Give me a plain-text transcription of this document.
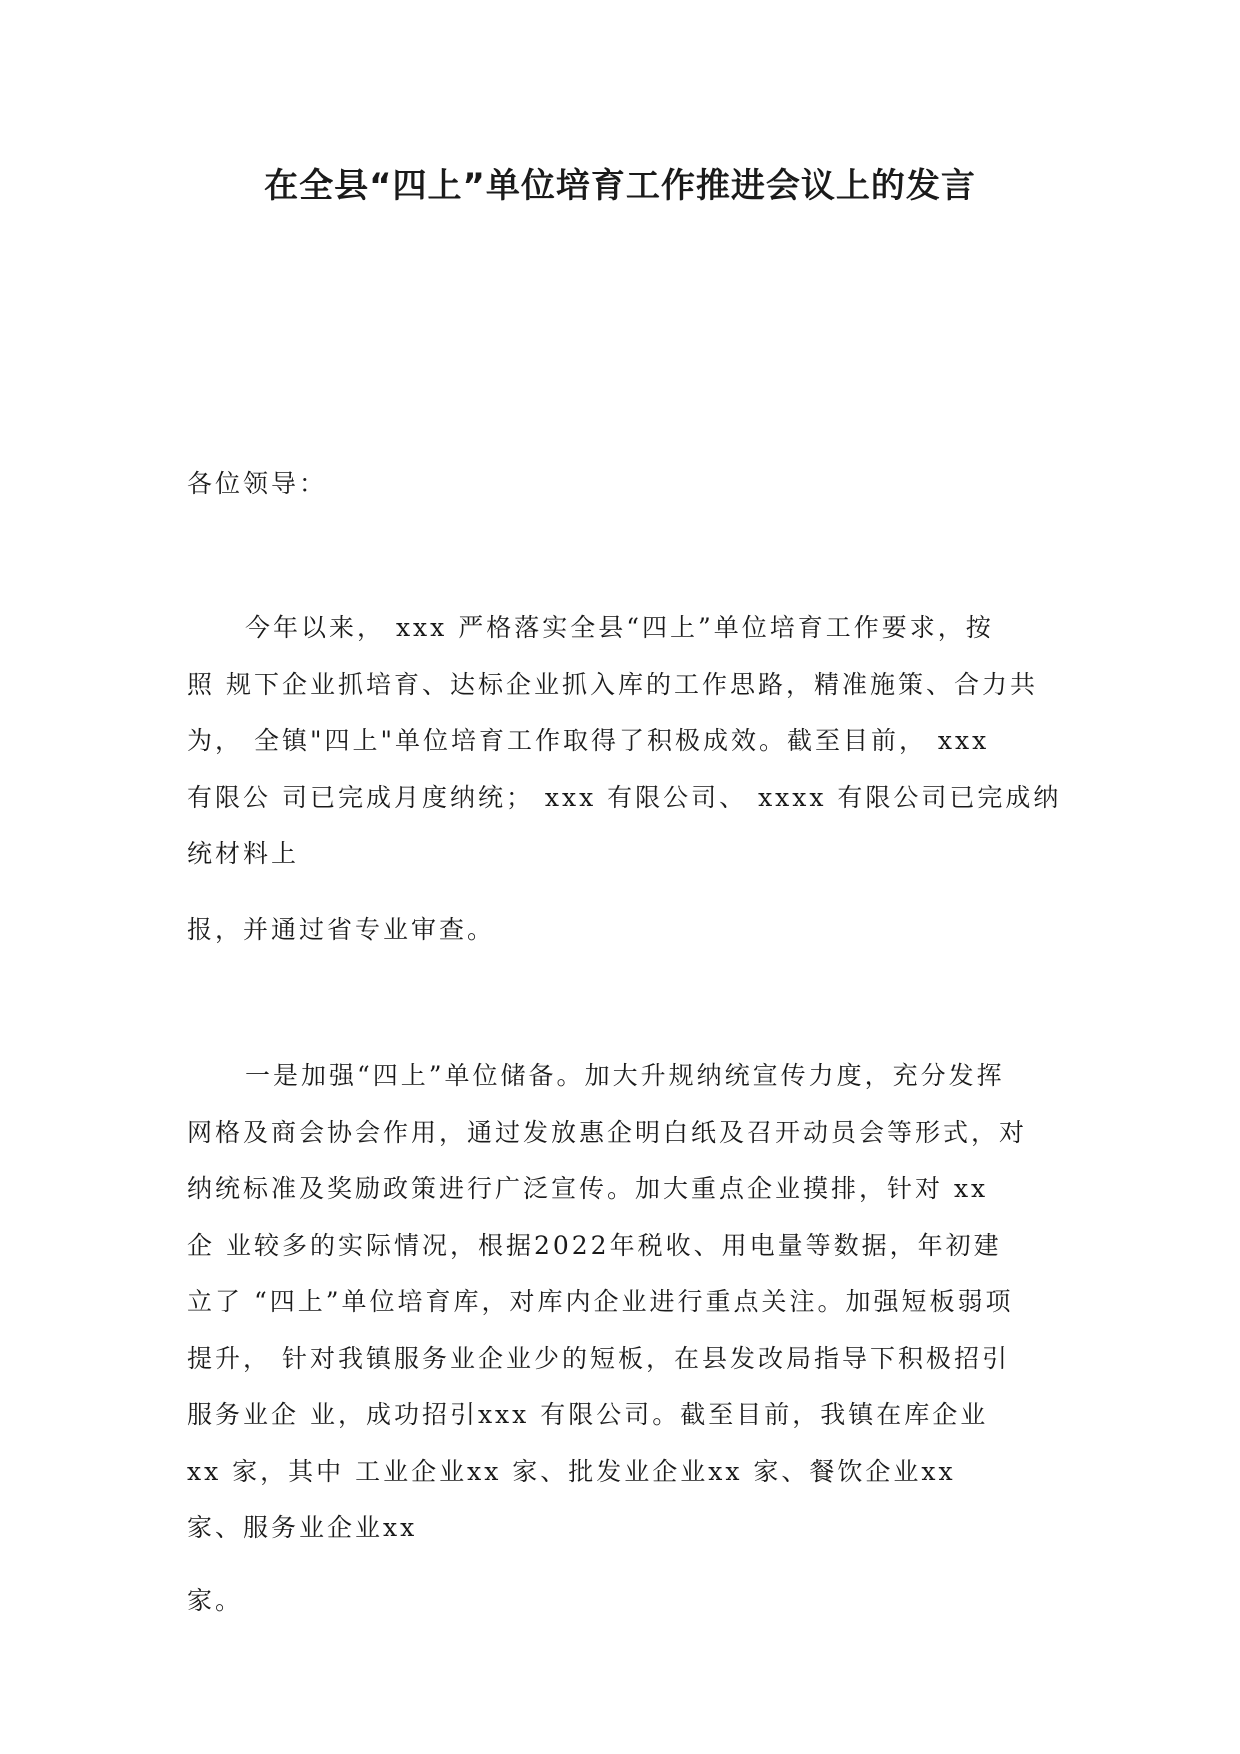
在全县“四上”单位培育工作推进会议上的发言

各位领导：

今年以来， xxx 严格落实全县“四上”单位培育工作要求，按
照 规下企业抓培育、达标企业抓入库的工作思路，精准施策、合力共
为， 全镇"四上"单位培育工作取得了积极成效。截至目前， xxx
有限公 司已完成月度纳统； xxx 有限公司、 xxxx 有限公司已完成纳
统材料上
报，并通过省专业审查。
一是加强“四上”单位储备。加大升规纳统宣传力度，充分发挥
网格及商会协会作用，通过发放惠企明白纸及召开动员会等形式，对
纳统标准及奖励政策进行广泛宣传。加大重点企业摸排，针对 xx
企 业较多的实际情况，根据2022年税收、用电量等数据，年初建
立了 “四上”单位培育库，对库内企业进行重点关注。加强短板弱项
提升， 针对我镇服务业企业少的短板，在县发改局指导下积极招引
服务业企 业，成功招引xxx 有限公司。截至目前，我镇在库企业
xx 家，其中 工业企业xx 家、批发业企业xx 家、餐饮企业xx
家、服务业企业xx
家。
